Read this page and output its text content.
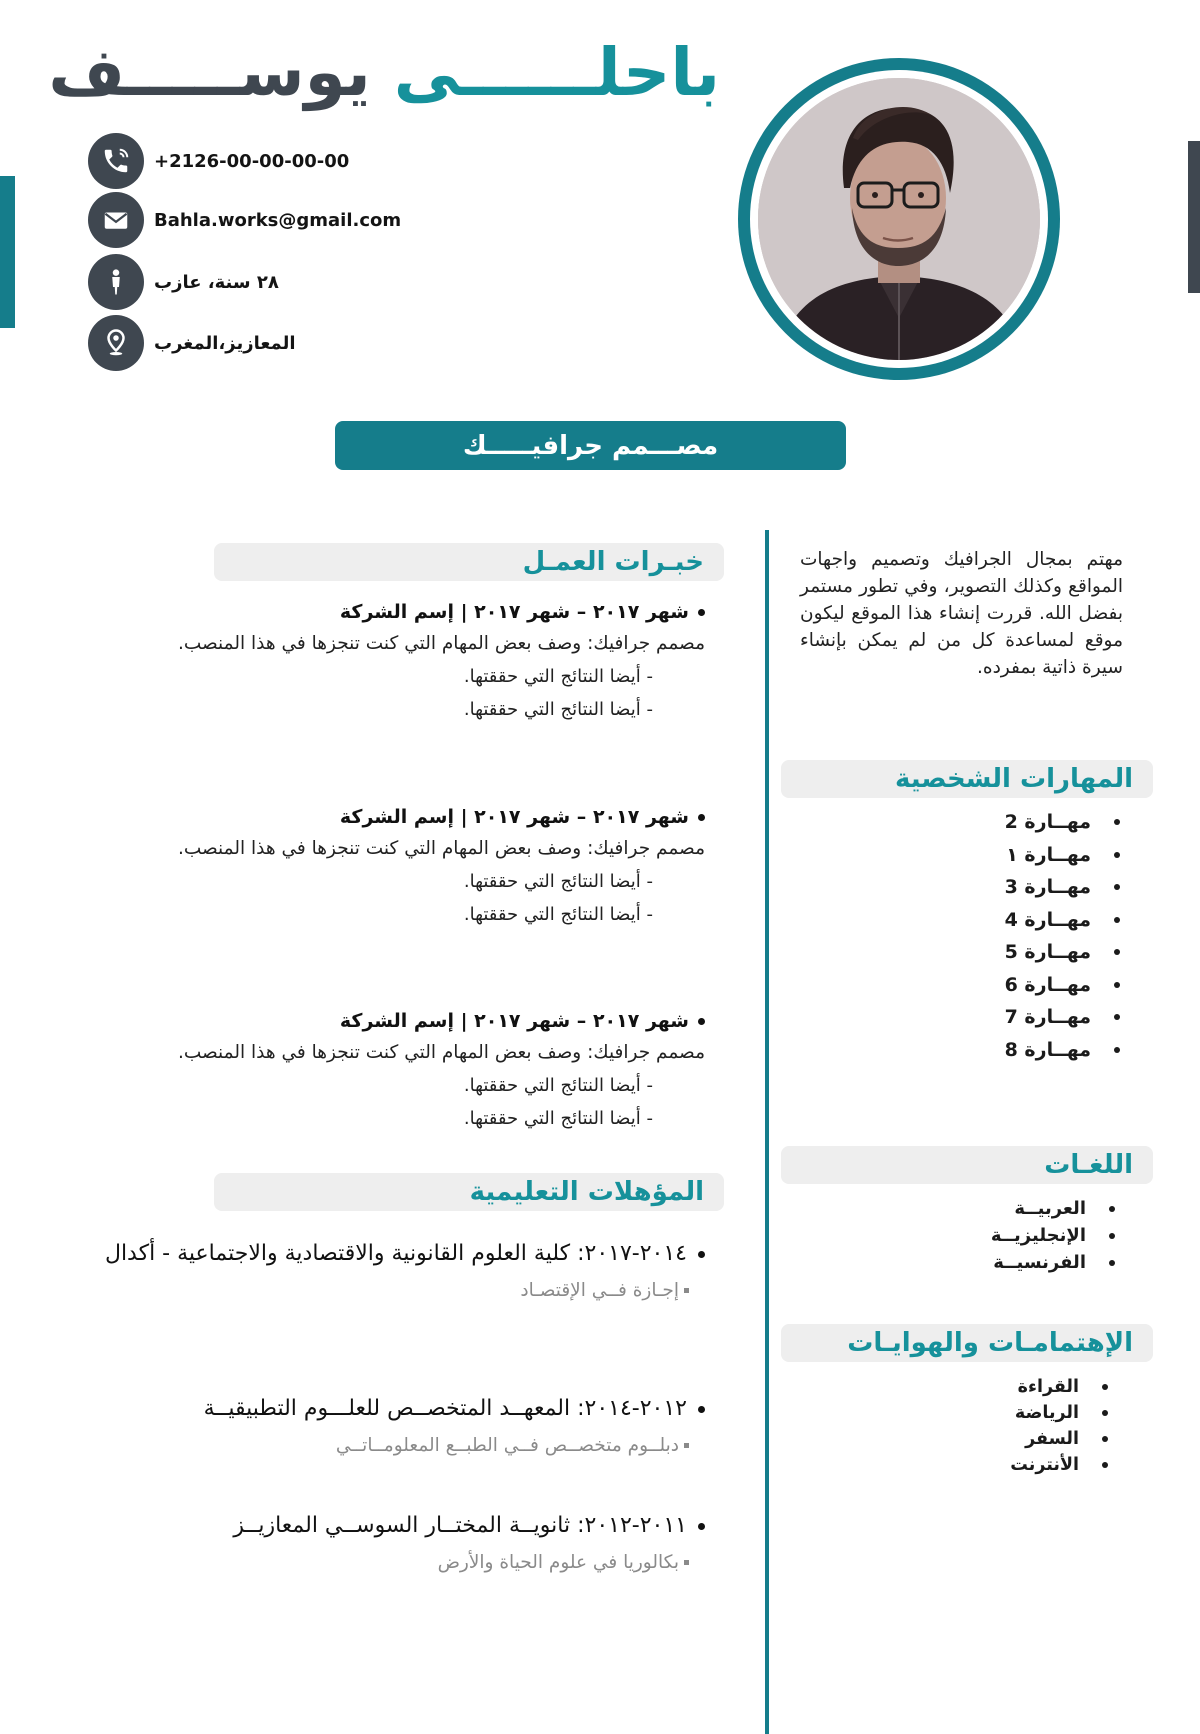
باحلــــــى يوســـــف
+2126-00-00-00-00
Bahla.works@gmail.com
٢٨ سنة، عازب
المعازيز،المغرب
مصـــمم جرافيـــــك
خبـرات العمـل
شهر ٢٠١٧ – شهر ٢٠١٧ | إسم الشركة
مصمم جرافيك: وصف بعض المهام التي كنت تنجزها في هذا المنصب.
- أيضا النتائج التي حققتها.
- أيضا النتائج التي حققتها.
شهر ٢٠١٧ – شهر ٢٠١٧ | إسم الشركة
مصمم جرافيك: وصف بعض المهام التي كنت تنجزها في هذا المنصب.
- أيضا النتائج التي حققتها.
- أيضا النتائج التي حققتها.
شهر ٢٠١٧ – شهر ٢٠١٧ | إسم الشركة
مصمم جرافيك: وصف بعض المهام التي كنت تنجزها في هذا المنصب.
- أيضا النتائج التي حققتها.
- أيضا النتائج التي حققتها.
المؤهلات التعليمية
٢٠١٤-٢٠١٧: كلية العلوم القانونية والاقتصادية والاجتماعية - أكدال
إجـازة فــي الإقتصـاد
٢٠١٢-٢٠١٤: المعهــد المتخصــص للعلـــوم التطبيقيــة
دبلــوم متخصــص فــي الطبــع المعلومــاتــي
٢٠١١-٢٠١٢: ثانويــة المختــار السوســي المعازيــز
بكالوريا في علوم الحياة والأرض
مهتم بمجال الجرافيك وتصميم واجهات المواقع وكذلك التصوير، وفي تطور مستمر بفضل الله. قررت إنشاء هذا الموقع ليكون موقع لمساعدة كل من لم يمكن بإنشاء سيرة ذاتية بمفرده.
المهارات الشخصية
مهــارة 2
مهــارة ١
مهــارة 3
مهــارة 4
مهــارة 5
مهــارة 6
مهــارة 7
مهــارة 8
اللغـات
العربيــة
الإنجليزيــة
الفرنسيــة
الإهتمامـات والهوايـات
القراءة
الرياضة
السفر
الأنترنت
